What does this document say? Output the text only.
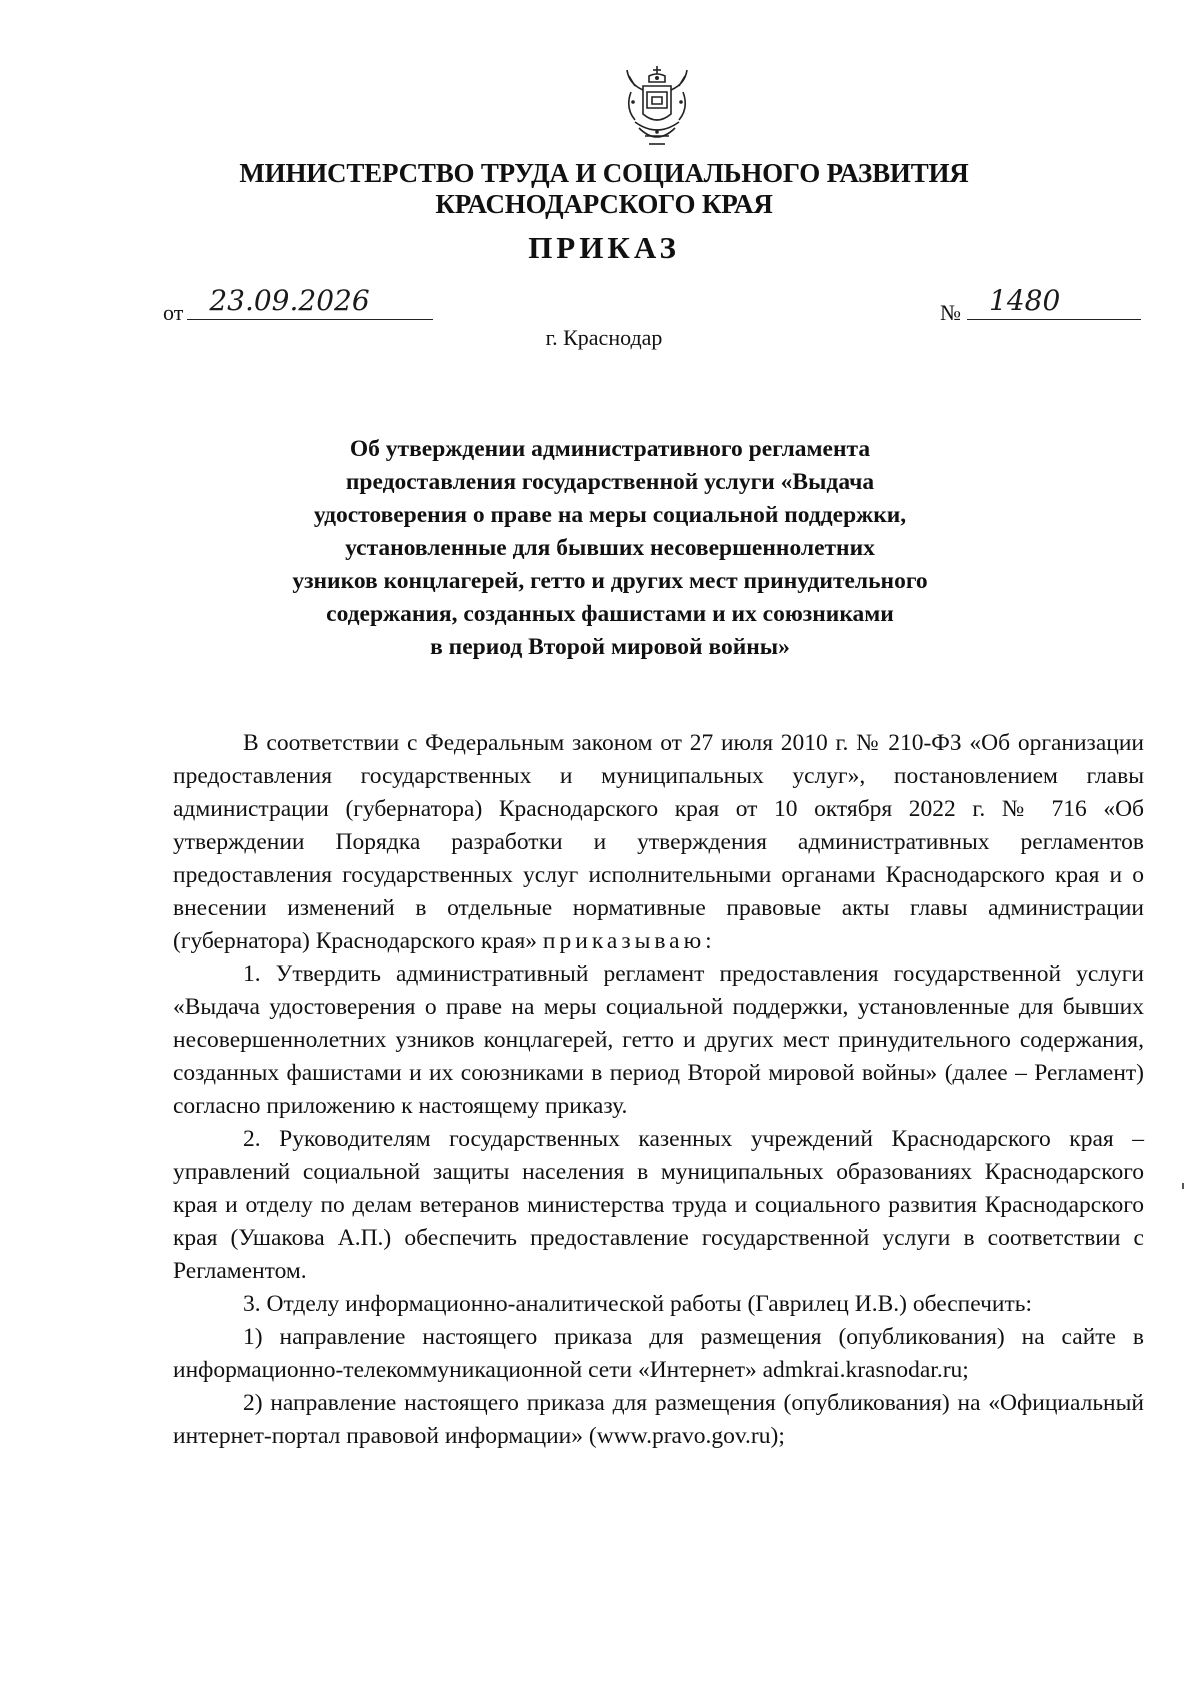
МИНИСТЕРСТВО ТРУДА И СОЦИАЛЬНОГО РАЗВИТИЯ
КРАСНОДАРСКОГО КРАЯ
ПРИКАЗ
от 23.09.2026	№ 1480
г. Краснодар
Об утверждении административного регламента
предоставления государственной услуги «Выдача
удостоверения о праве на меры социальной поддержки,
установленные для бывших несовершеннолетних
узников концлагерей, гетто и других мест принудительного
содержания, созданных фашистами и их союзниками
в период Второй мировой войны»

В соответствии с Федеральным законом от 27 июля 2010 г. № 210-ФЗ «Об организации предоставления государственных и муниципальных услуг», постановлением главы администрации (губернатора) Краснодарского края от 10 октября 2022 г. № 716 «Об утверждении Порядка разработки и утверждения административных регламентов предоставления государственных услуг исполнительными органами Краснодарского края и о внесении изменений в отдельные нормативные правовые акты главы администрации (губернатора) Краснодарского края» приказываю:

1. Утвердить административный регламент предоставления государственной услуги «Выдача удостоверения о праве на меры социальной поддержки, установленные для бывших несовершеннолетних узников концлагерей, гетто и других мест принудительного содержания, созданных фашистами и их союзниками в период Второй мировой войны» (далее – Регламент) согласно приложению к настоящему приказу.

2. Руководителям государственных казенных учреждений Краснодарского края – управлений социальной защиты населения в муниципальных образованиях Краснодарского края и отделу по делам ветеранов министерства труда и социального развития Краснодарского края (Ушакова А.П.) обеспечить предоставление государственной услуги в соответствии с Регламентом.

3. Отделу информационно-аналитической работы (Гаврилец И.В.) обеспечить:

1) направление настоящего приказа для размещения (опубликования) на сайте в информационно-телекоммуникационной сети «Интернет» admkrai.krasnodar.ru;

2) направление настоящего приказа для размещения (опубликования) на «Официальный интернет-портал правовой информации» (www.pravo.gov.ru);
